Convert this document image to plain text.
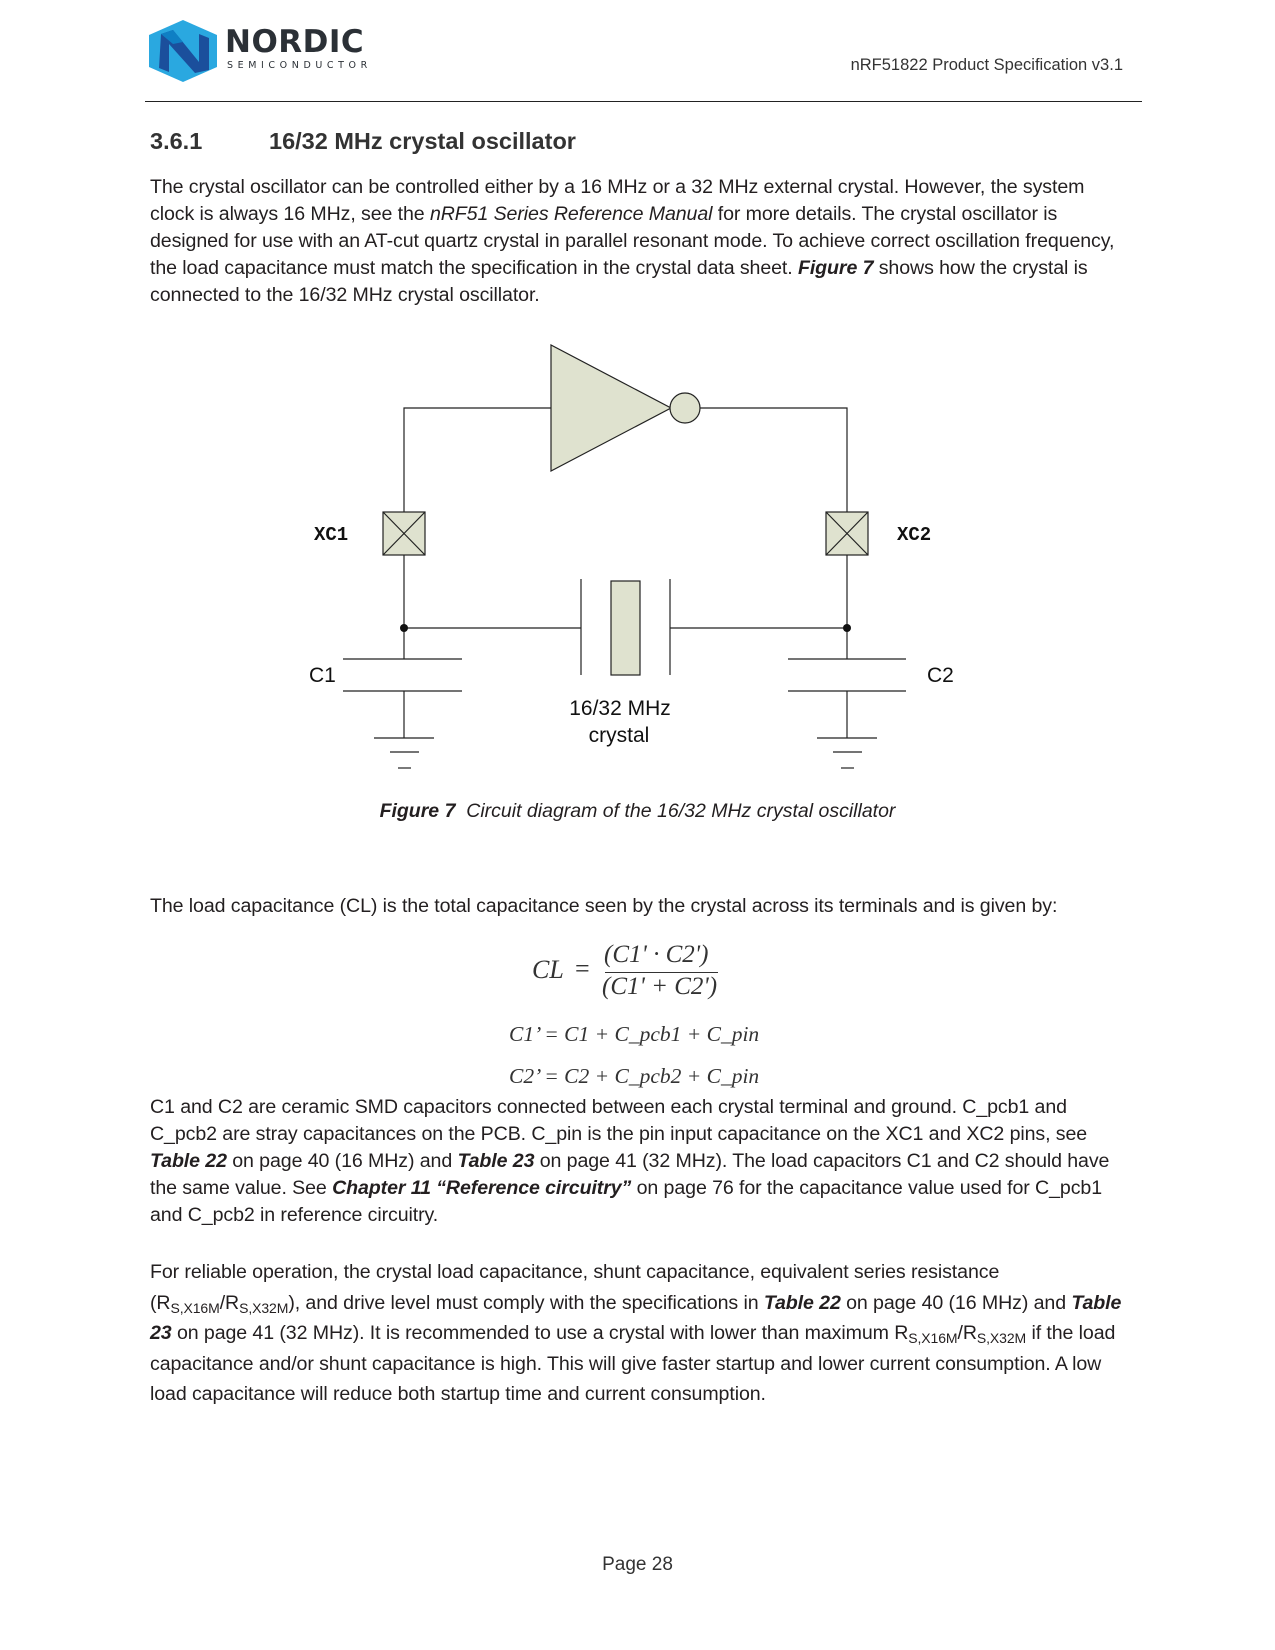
NORDIC
SEMICONDUCTOR	nRF51822 Product Specification v3.1
3.6.1	16/32 MHz crystal oscillator

The crystal oscillator can be controlled either by a 16 MHz or a 32 MHz external crystal. However, the system clock is always 16 MHz, see the nRF51 Series Reference Manual for more details. The crystal oscillator is designed for use with an AT-cut quartz crystal in parallel resonant mode. To achieve correct oscillation frequency, the load capacitance must match the specification in the crystal data sheet. Figure 7 shows how the crystal is connected to the 16/32 MHz crystal oscillator.

XC1	XC2
C1	C2
16/32 MHz
crystal
Figure 7 Circuit diagram of the 16/32 MHz crystal oscillator

The load capacitance (CL) is the total capacitance seen by the crystal across its terminals and is given by:

CL = (C1' · C2')
(C1' + C2')
C1’ = C1 + C_pcb1 + C_pin
C2’ = C2 + C_pcb2 + C_pin

C1 and C2 are ceramic SMD capacitors connected between each crystal terminal and ground. C_pcb1 and C_pcb2 are stray capacitances on the PCB. C_pin is the pin input capacitance on the XC1 and XC2 pins, see Table 22 on page 40 (16 MHz) and Table 23 on page 41 (32 MHz). The load capacitors C1 and C2 should have the same value. See Chapter 11 “Reference circuitry” on page 76 for the capacitance value used for C_pcb1 and C_pcb2 in reference circuitry.

For reliable operation, the crystal load capacitance, shunt capacitance, equivalent series resistance $(R_{S,X16M}/R_{S,X32M})$, and drive level must comply with the specifications in Table 22 on page 40 (16 MHz) and Table 23 on page 41 (32 MHz). It is recommended to use a crystal with lower than maximum $R_{S,X16M}/R_{S,X32M}$ if the load capacitance and/or shunt capacitance is high. This will give faster startup and lower current consumption. A low load capacitance will reduce both startup time and current consumption.

Page 28
